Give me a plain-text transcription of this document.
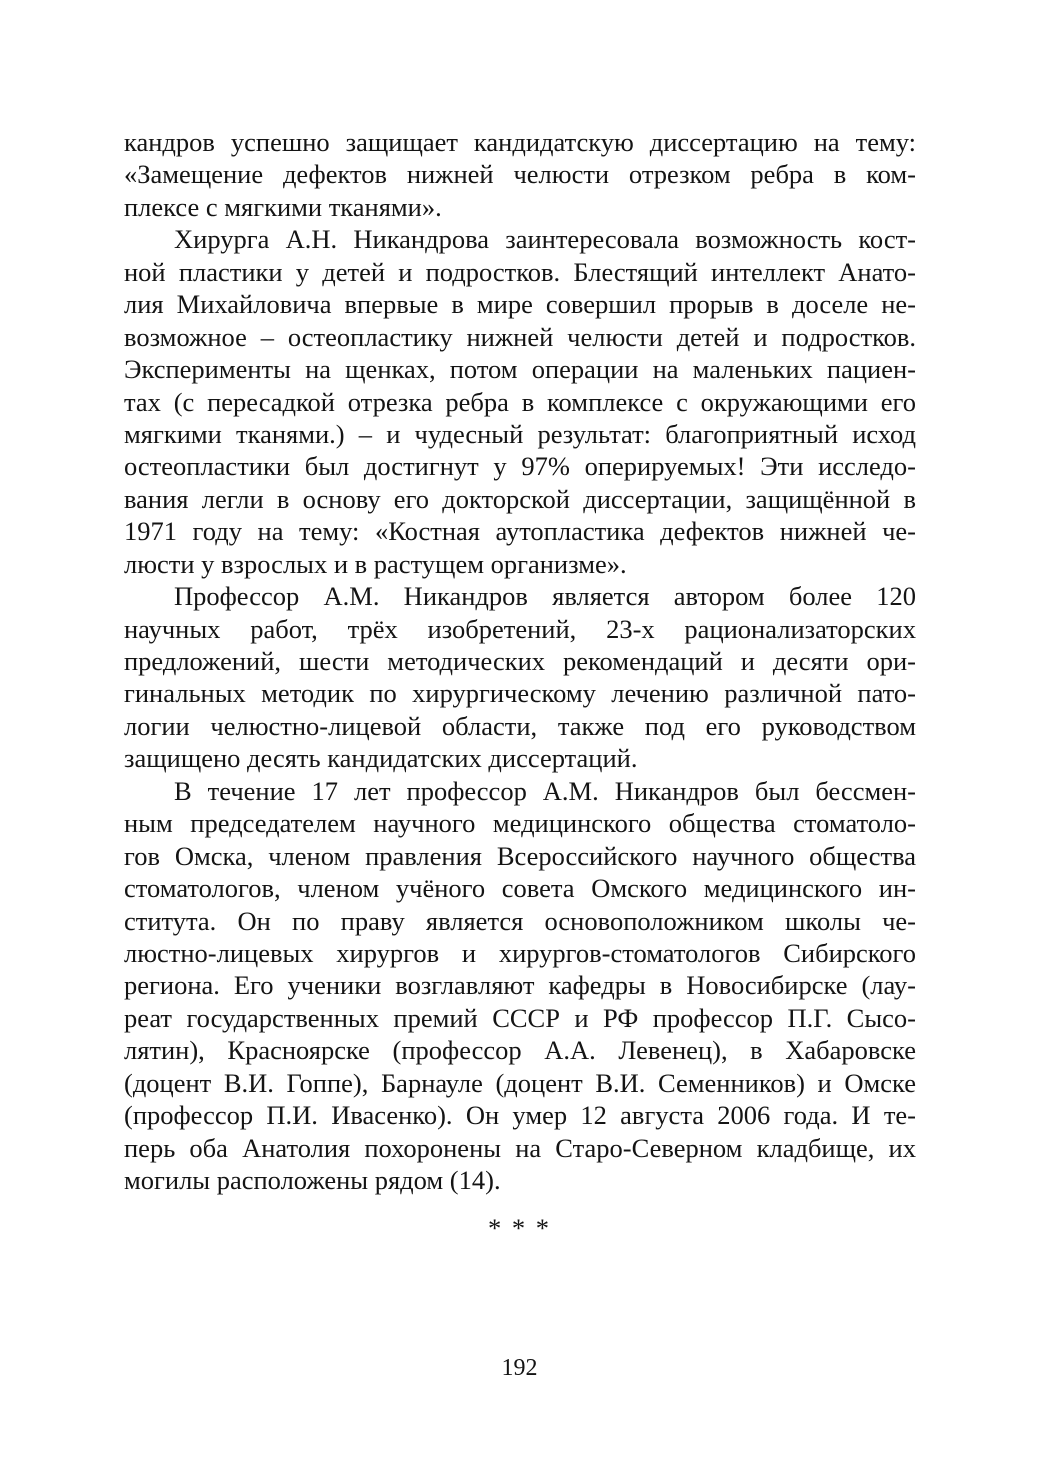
кандров успешно защищает кандидатскую диссертацию на тему:
«Замещение дефектов нижней челюсти отрезком ребра в ком-
плексе с мягкими тканями».
Хирурга А.Н. Никандрова заинтересовала возможность кост-
ной пластики у детей и подростков. Блестящий интеллект Анато-
лия Михайловича впервые в мире совершил прорыв в доселе не-
возможное – остеопластику нижней челюсти детей и подростков.
Эксперименты на щенках, потом операции на маленьких пациен-
тах (с пересадкой отрезка ребра в комплексе с окружающими его
мягкими тканями.) – и чудесный результат: благоприятный исход
остеопластики был достигнут у 97% оперируемых! Эти исследо-
вания легли в основу его докторской диссертации, защищённой в
1971 году на тему: «Костная аутопластика дефектов нижней че-
люсти у взрослых и в растущем организме».
Профессор А.М. Никандров является автором более 120
научных работ, трёх изобретений, 23-х рационализаторских
предложений, шести методических рекомендаций и десяти ори-
гинальных методик по хирургическому лечению различной пато-
логии челюстно-лицевой области, также под его руководством
защищено десять кандидатских диссертаций.
В течение 17 лет профессор А.М. Никандров был бессмен-
ным председателем научного медицинского общества стоматоло-
гов Омска, членом правления Всероссийского научного общества
стоматологов, членом учёного совета Омского медицинского ин-
ститута. Он по праву является основоположником школы че-
люстно-лицевых хирургов и хирургов-стоматологов Сибирского
региона. Его ученики возглавляют кафедры в Новосибирске (лау-
реат государственных премий СССР и РФ профессор П.Г. Сысо-
лятин), Красноярске (профессор А.А. Левенец), в Хабаровске
(доцент В.И. Гоппе), Барнауле (доцент В.И. Семенников) и Омске
(профессор П.И. Ивасенко). Он умер 12 августа 2006 года. И те-
перь оба Анатолия похоронены на Старо-Северном кладбище, их
могилы расположены рядом (14).
* * *
192
